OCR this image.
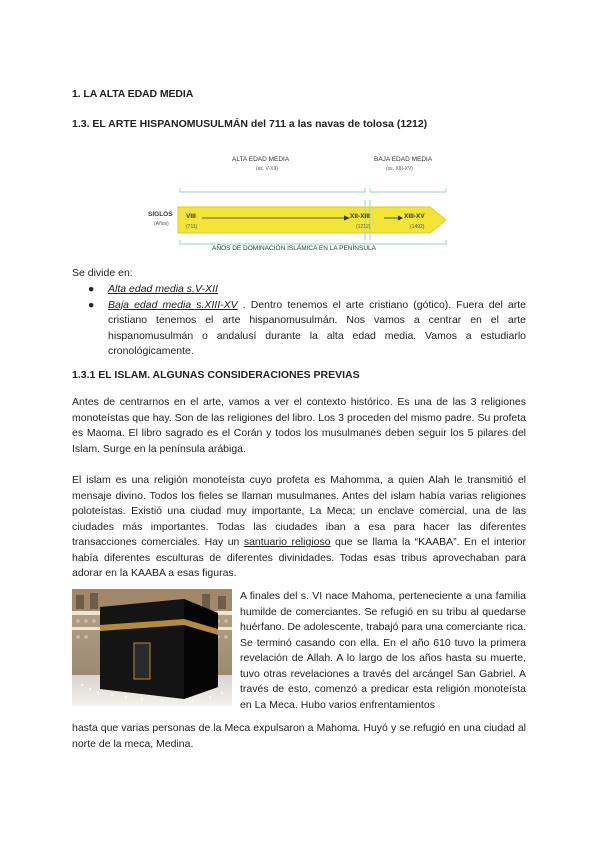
1. LA ALTA EDAD MEDIA
1.3. EL ARTE HISPANOMUSULMÁN del 711 a las navas de tolosa (1212)
ALTA EDAD MEDIA
(ss. V-XII)
BAJA EDAD MEDIA
(ss. XIII-XV)
SIGLOS
(Años)
VIII
(711)
XII-XIII
(1212)
XIII-XV
(1492)
AÑOS DE DOMINACIÓN ISLÁMICA EN LA PENÍNSULA
Se divide en:
● Alta edad media s.V-XII
● Baja edad media s.XIII-XV . Dentro tenemos el arte cristiano (gótico). Fuera del arte cristiano tenemos el arte hispanomusulmán. Nos vamos a centrar en el arte hispanomusulmán o andalusí durante la alta edad media. Vamos a estudiarlo cronológicamente.
1.3.1 EL ISLAM. ALGUNAS CONSIDERACIONES PREVIAS
Antes de centrarnos en el arte, vamos a ver el contexto histórico. Es una de las 3 religiones monoteístas que hay. Son de las religiones del libro. Los 3 proceden del mismo padre. Su profeta es Maoma. El libro sagrado es el Corán y todos los musulmanes deben seguir los 5 pilares del Islam. Surge en la península arábiga.
El islam es una religión monoteísta cuyo profeta es Mahomma, a quien Alah le transmitió el mensaje divino. Todos los fieles se llaman musulmanes. Antes del islam había varias religiones poloteístas. Existió una ciudad muy importante, La Meca; un enclave comercial, una de las ciudades más importantes. Todas las ciudades iban a esa para hacer las diferentes transacciones comerciales. Hay un santuario religioso que se llama la “KAABA”. En el interior había diferentes esculturas de diferentes divinidades. Todas esas tribus aprovechaban para adorar en la KAABA a esas figuras.
A finales del s. VI nace Mahoma, perteneciente a una familia humilde de comerciantes. Se refugió en su tribu al quedarse huérfano. De adolescente, trabajó para una comerciante rica. Se terminó casando con ella. En el año 610 tuvo la primera revelación de Allah. A lo largo de los años hasta su muerte, tuvo otras revelaciones a través del arcángel San Gabriel. A través de esto, comenzó a predicar esta religión monoteísta en La Meca. Hubo varios enfrentamientos
hasta que varias personas de la Meca expulsaron a Mahoma. Huyó y se refugió en una ciudad al norte de la meca, Medina.
